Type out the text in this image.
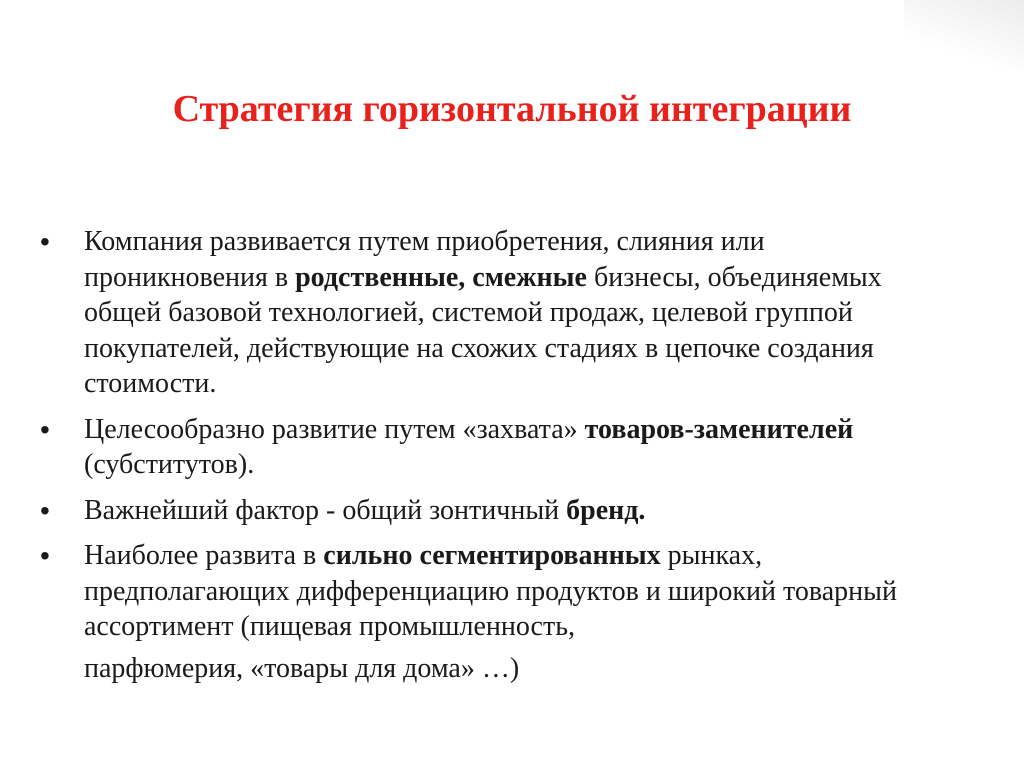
Стратегия горизонтальной интеграции
•	Компания развивается путем приобретения, слияния или проникновения в родственные, смежные бизнесы, объединяемых общей базовой технологией, системой продаж, целевой группой покупателей, действующие на схожих стадиях в цепочке создания стоимости.
•	Целесообразно развитие путем «захвата» товаров-заменителей (субститутов).
•	Важнейший фактор - общий зонтичный бренд.
•	Наиболее развита в сильно сегментированных рынках, предполагающих дифференциацию продуктов и широкий товарный ассортимент (пищевая промышленность,
парфюмерия, «товары для дома» …)
